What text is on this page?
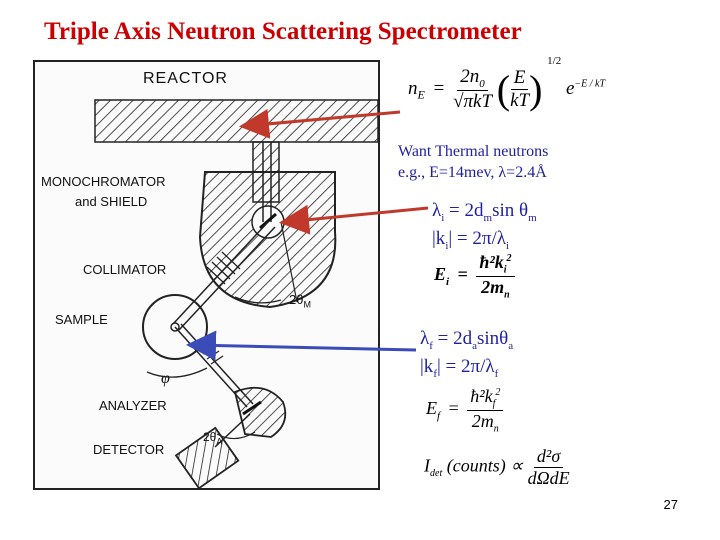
Triple Axis Neutron Scattering Spectrometer
REACTOR
MONOCHROMATOR
and SHIELD
COLLIMATOR
$2\theta_M$
SAMPLE
φ
ANALYZER
$2\theta_A$
DETECTOR
$n_E = \frac{2n_0}{\text{√πkT}}$ ( $\frac{E}{kT}$ ) $^{1/2}$ $e^{-E / kT}$
Want Thermal neutrons
e.g., E=14mev, λ=2.4Å
$\lambda_i = 2d_m\sin$ $\theta_m$
$|k_i| = 2\pi/\lambda_i$
$E_i = \frac{ħ^2k_i^2}{2m_n}$
$\lambda_f = 2d_a\sin\theta_a$
$|k_f| = 2\pi/\lambda_f$
$E_f = \frac{ħ^2k_f^2}{2m_n}$
$I_{det}$ (counts) ∝ $\frac{\text{d²σ}}{\text{dΩdE}}$
27
